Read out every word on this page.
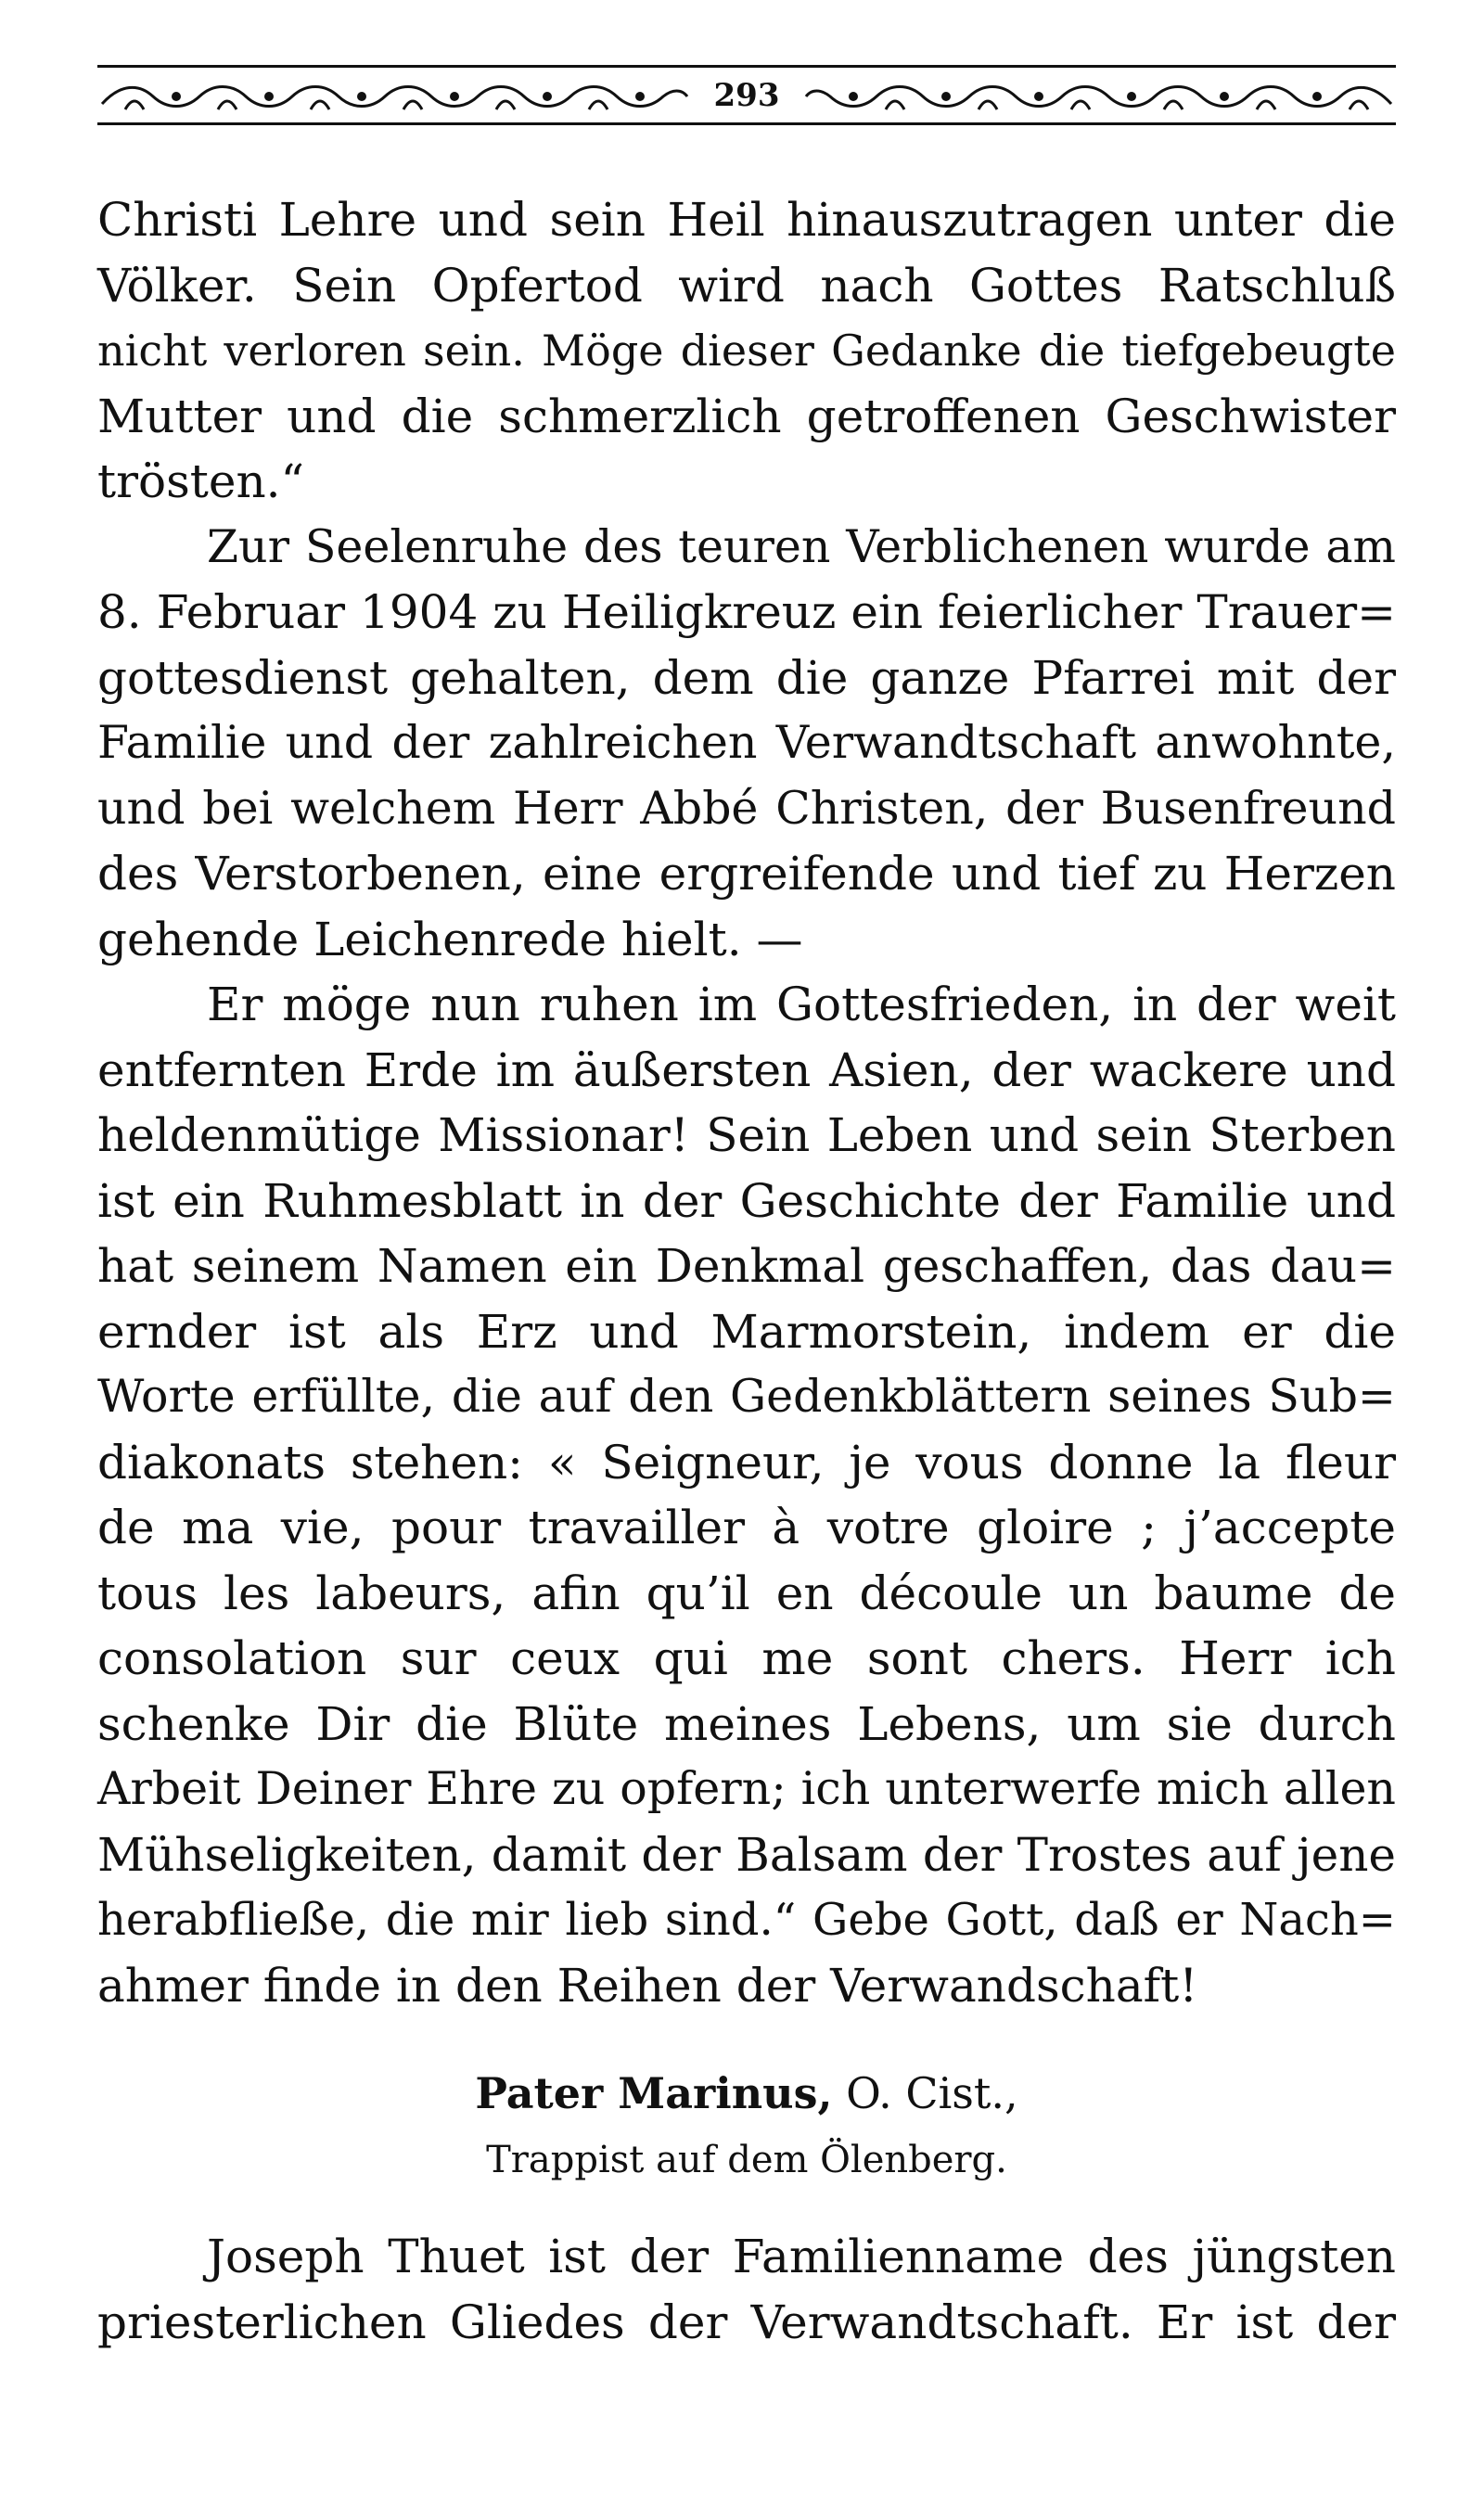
293
Christi Lehre und sein Heil hinauszutragen unter die
Völker. Sein Opfertod wird nach Gottes Ratschluß
nicht verloren sein. Möge dieser Gedanke die tiefgebeugte
Mutter und die schmerzlich getroffenen Geschwister
trösten.“
Zur Seelenruhe des teuren Verblichenen wurde am
8. Februar 1904 zu Heiligkreuz ein feierlicher Trauer=
gottesdienst gehalten, dem die ganze Pfarrei mit der
Familie und der zahlreichen Verwandtschaft anwohnte,
und bei welchem Herr Abbé Christen, der Busenfreund
des Verstorbenen, eine ergreifende und tief zu Herzen
gehende Leichenrede hielt. —
Er möge nun ruhen im Gottesfrieden, in der weit
entfernten Erde im äußersten Asien, der wackere und
heldenmütige Missionar! Sein Leben und sein Sterben
ist ein Ruhmesblatt in der Geschichte der Familie und
hat seinem Namen ein Denkmal geschaffen, das dau=
ernder ist als Erz und Marmorstein, indem er die
Worte erfüllte, die auf den Gedenkblättern seines Sub=
diakonats stehen: « Seigneur, je vous donne la fleur
de ma vie, pour travailler à votre gloire ; j’accepte
tous les labeurs, afin qu’il en découle un baume de
consolation sur ceux qui me sont chers. Herr ich
schenke Dir die Blüte meines Lebens, um sie durch
Arbeit Deiner Ehre zu opfern; ich unterwerfe mich allen
Mühseligkeiten, damit der Balsam der Trostes auf jene
herabfließe, die mir lieb sind.“ Gebe Gott, daß er Nach=
ahmer finde in den Reihen der Verwandschaft!
Pater Marinus, O. Cist.,
Trappist auf dem Ölenberg.
Joseph Thuet ist der Familienname des jüngsten
priesterlichen Gliedes der Verwandtschaft. Er ist der
